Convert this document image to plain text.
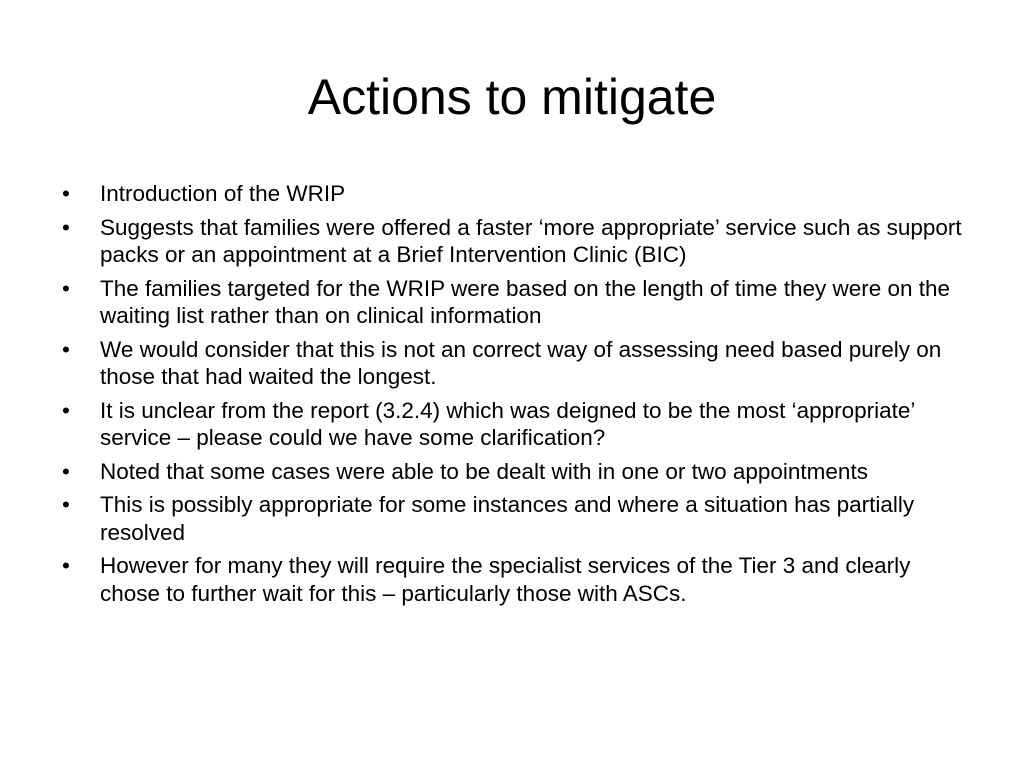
Actions to mitigate
•	Introduction of the WRIP
•	Suggests that families were offered a faster ‘more appropriate’ service such as support packs or an appointment at a Brief Intervention Clinic (BIC)
•	The families targeted for the WRIP were based on the length of time they were on the waiting list rather than on clinical information
•	We would consider that this is not an correct way of assessing need based purely on those that had waited the longest.
•	It is unclear from the report (3.2.4) which was deigned to be the most ‘appropriate’ service – please could we have some clarification?
•	Noted that some cases were able to be dealt with in one or two appointments
•	This is possibly appropriate for some instances and where a situation has partially resolved
•	However for many they will require the specialist services of the Tier 3 and clearly chose to further wait for this – particularly those with ASCs.
